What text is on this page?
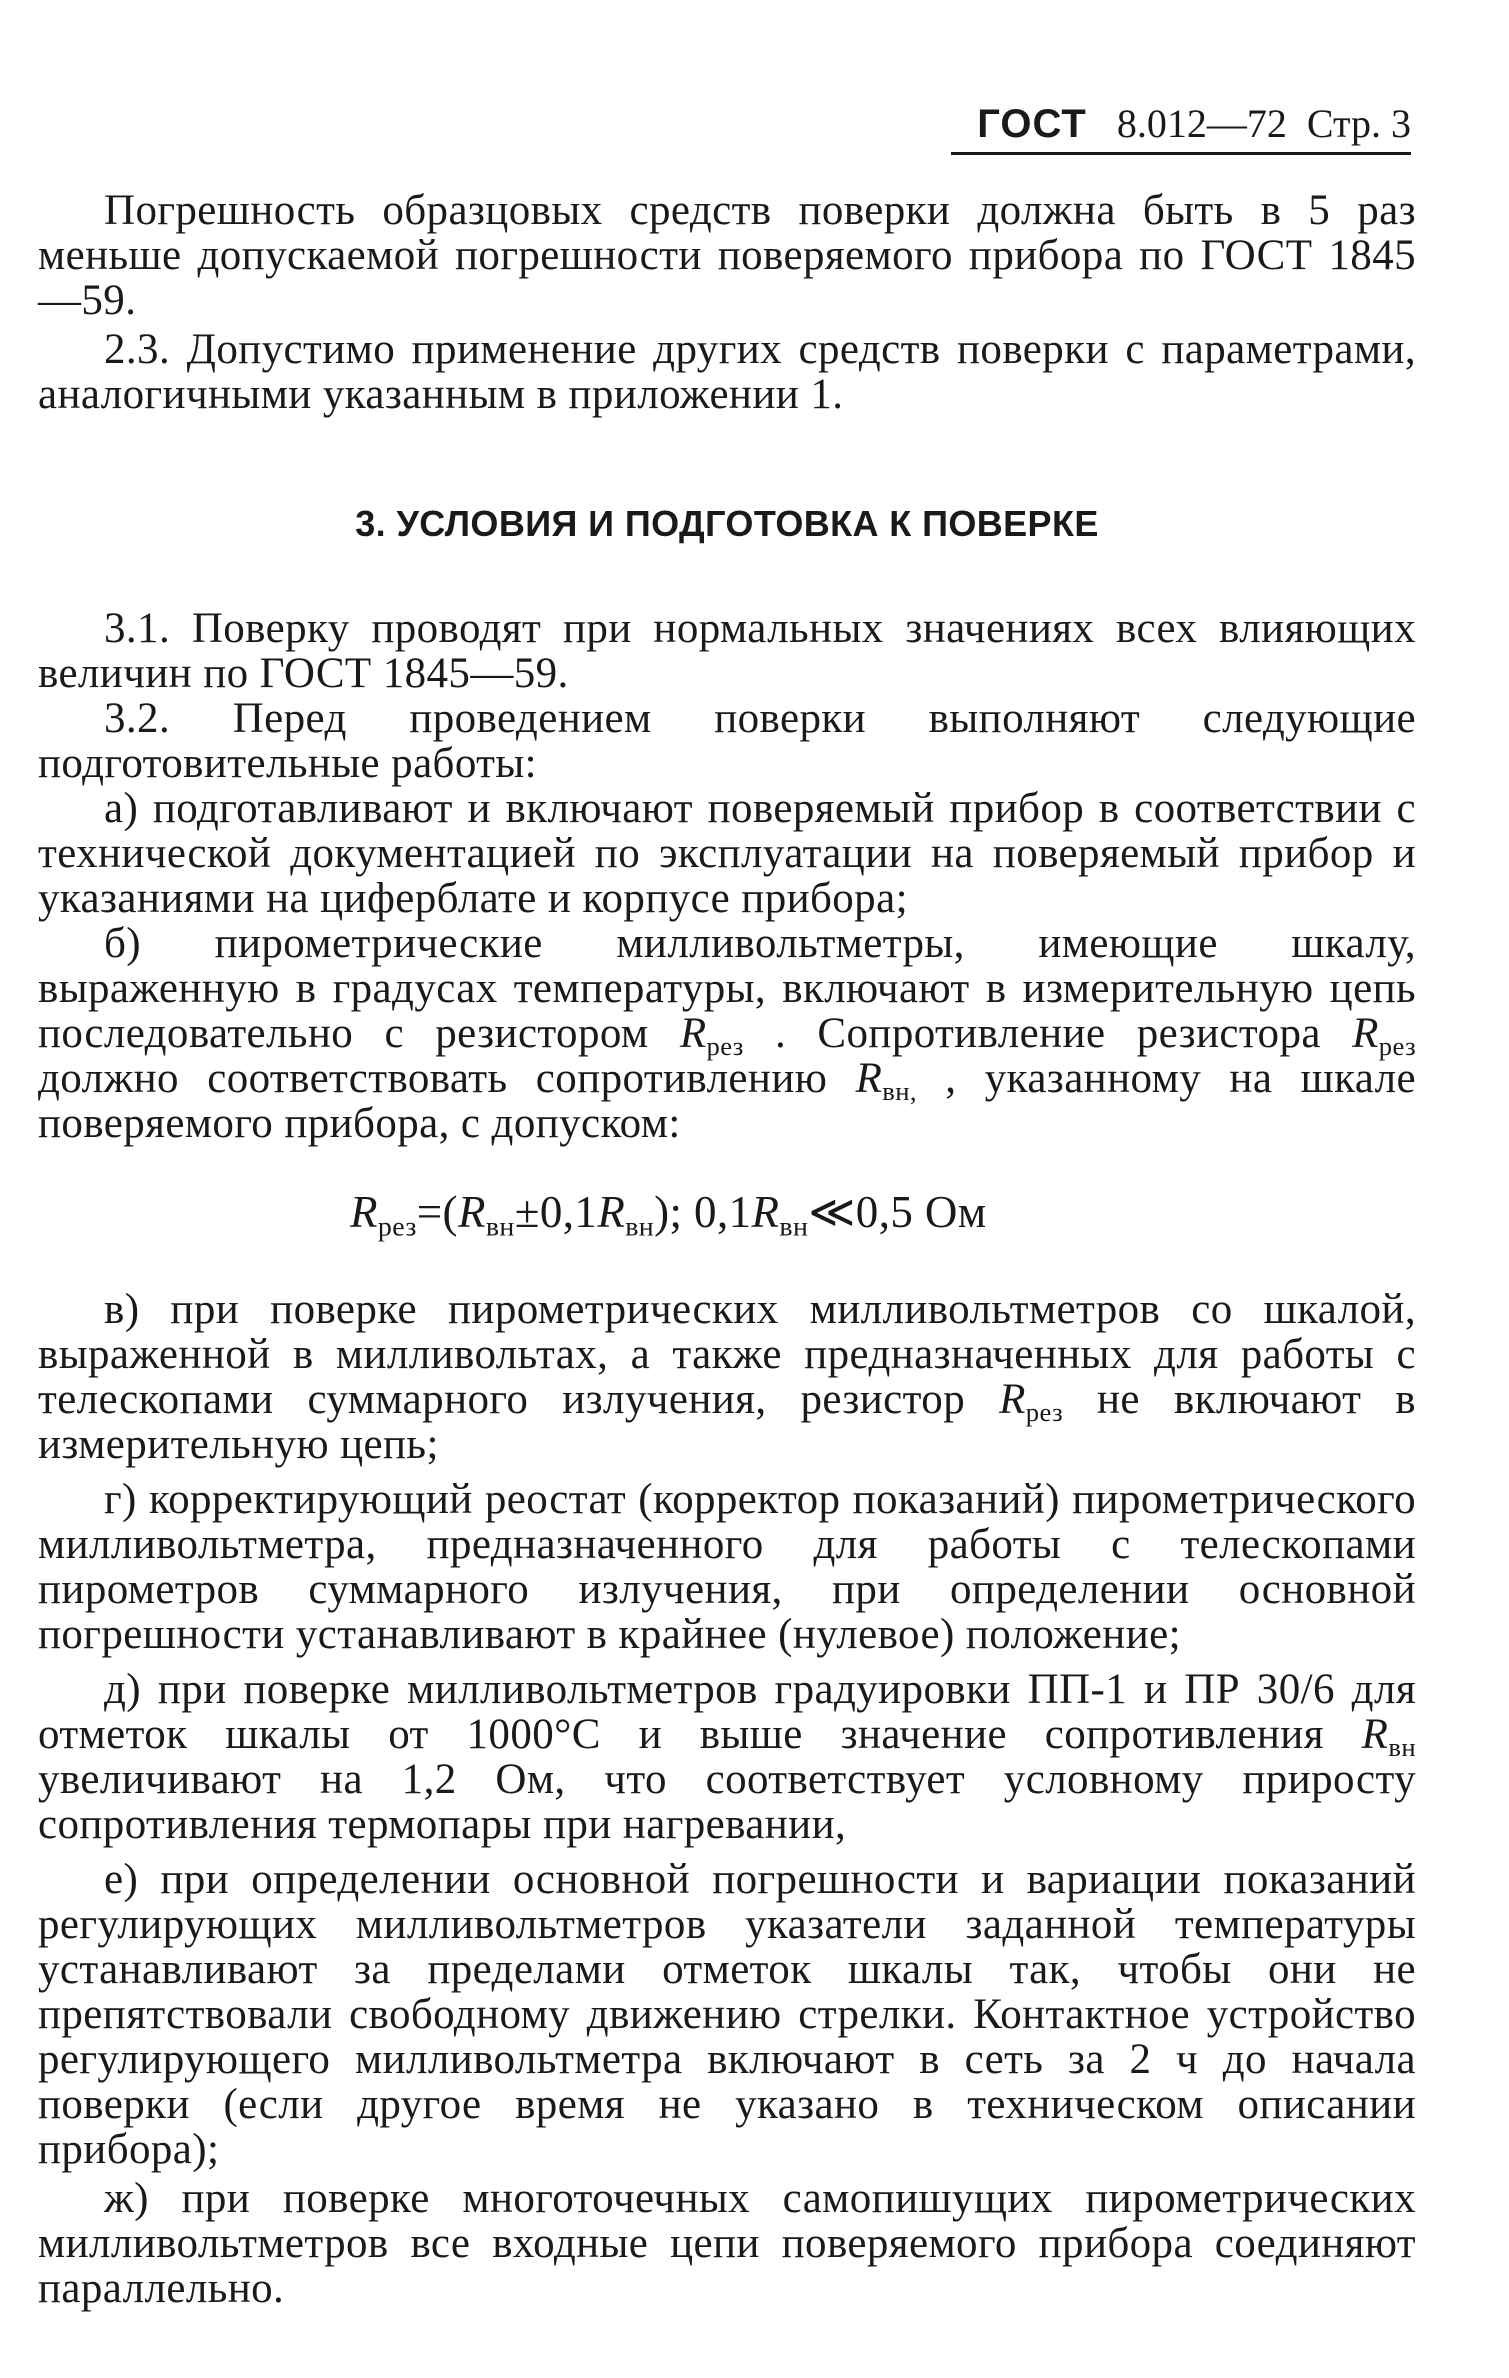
ГОСТ 8.012—72 Стр. 3

Погрешность образцовых средств поверки должна быть в 5 раз меньше допускаемой погрешности поверяемого прибора по ГОСТ 1845—59.

2.3. Допустимо применение других средств поверки с параметрами, аналогичными указанным в приложении 1.

3. УСЛОВИЯ И ПОДГОТОВКА К ПОВЕРКЕ

3.1. Поверку проводят при нормальных значениях всех влияющих величин по ГОСТ 1845—59.

3.2. Перед проведением поверки выполняют следующие подготовительные работы:

а) подготавливают и включают поверяемый прибор в соответствии с технической документацией по эксплуатации на поверяемый прибор и указаниями на циферблате и корпусе прибора;

б) пирометрические милливольтметры, имеющие шкалу, выраженную в градусах температуры, включают в измерительную цепь последовательно с резистором $R_{рез}$ . Сопротивление резистора $R_{рез}$ должно соответствовать сопротивлению $R_{вн,}$ , указанному на шкале поверяемого прибора, с допуском:

$R_{рез}=(R_{вн}\pm 0,1R_{вн})$; $0,1R_{вн}≪0,5$ Ом

в) при поверке пирометрических милливольтметров со шкалой, выраженной в милливольтах, а также предназначенных для работы с телескопами суммарного излучения, резистор $R_{рез}$ не включают в измерительную цепь;

г) корректирующий реостат (корректор показаний) пирометрического милливольтметра, предназначенного для работы с телескопами пирометров суммарного излучения, при определении основной погрешности устанавливают в крайнее (нулевое) положение;

д) при поверке милливольтметров градуировки ПП-1 и ПР 30/6 для отметок шкалы от 1000°С и выше значение сопротивления $R_{вн}$ увеличивают на 1,2 Ом, что соответствует условному приросту сопротивления термопары при нагревании,

е) при определении основной погрешности и вариации показаний регулирующих милливольтметров указатели заданной температуры устанавливают за пределами отметок шкалы так, чтобы они не препятствовали свободному движению стрелки. Контактное устройство регулирующего милливольтметра включают в сеть за 2 ч до начала поверки (если другое время не указано в техническом описании прибора);

ж) при поверке многоточечных самопишущих пирометрических милливольтметров все входные цепи поверяемого прибора соединяют параллельно.
